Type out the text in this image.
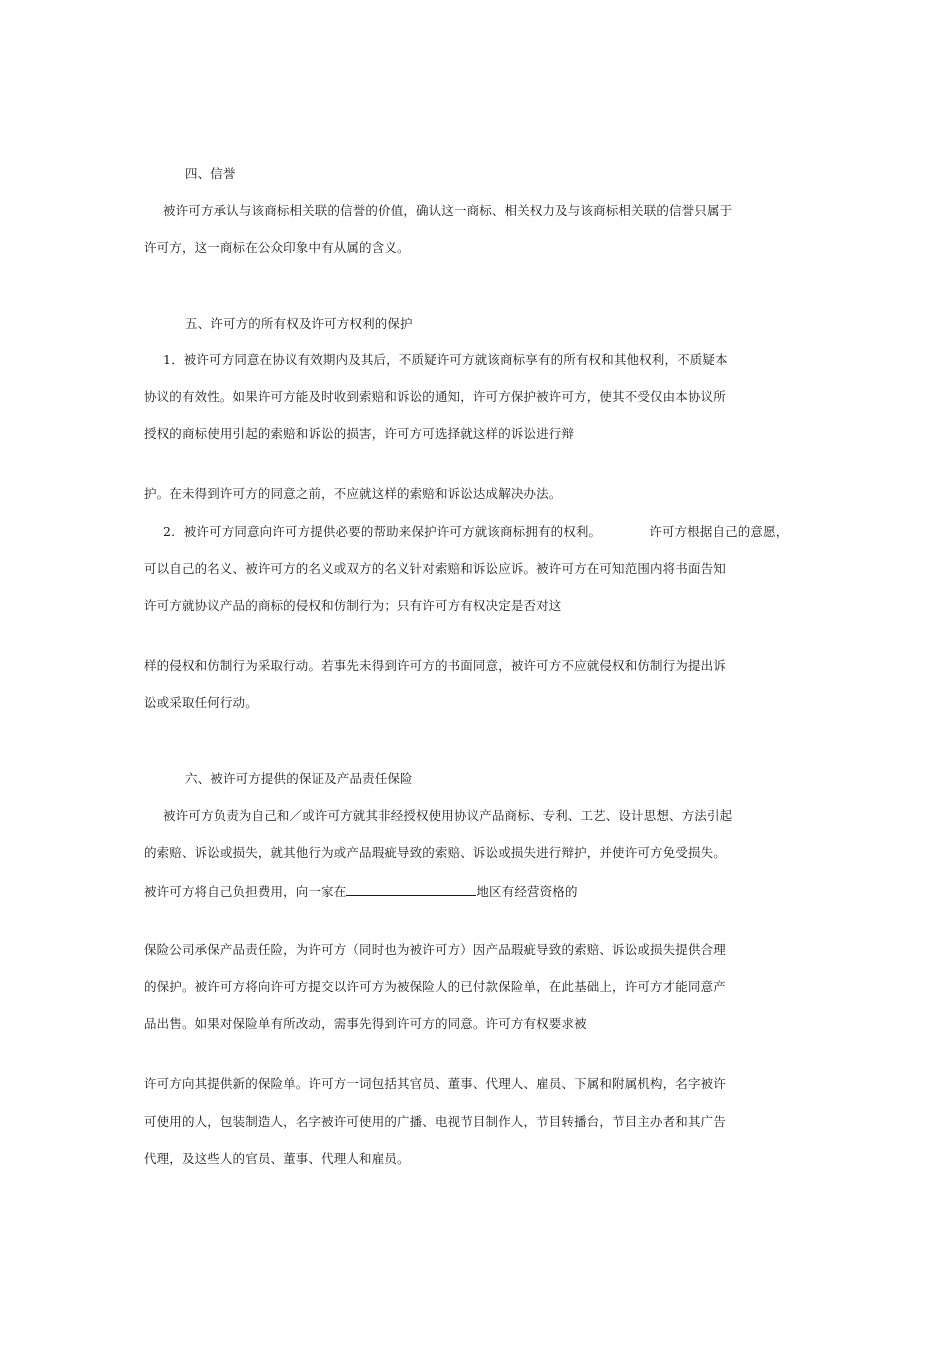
四、信誉
被许可方承认与该商标相关联的信誉的价值，确认这一商标、相关权力及与该商标相关联的信誉只属于
许可方，这一商标在公众印象中有从属的含义。
五、许可方的所有权及许可方权利的保护
1．被许可方同意在协议有效期内及其后，不质疑许可方就该商标享有的所有权和其他权利，不质疑本
协议的有效性。如果许可方能及时收到索赔和诉讼的通知，许可方保护被许可方，使其不受仅由本协议所
授权的商标使用引起的索赔和诉讼的损害，许可方可选择就这样的诉讼进行辩
护。在未得到许可方的同意之前，不应就这样的索赔和诉讼达成解决办法。
2．被许可方同意向许可方提供必要的帮助来保护许可方就该商标拥有的权利。	许可方根据自己的意愿，
可以自己的名义、被许可方的名义或双方的名义针对索赔和诉讼应诉。被许可方在可知范围内将书面告知
许可方就协议产品的商标的侵权和仿制行为；只有许可方有权决定是否对这
样的侵权和仿制行为采取行动。若事先未得到许可方的书面同意，被许可方不应就侵权和仿制行为提出诉
讼或采取任何行动。
六、被许可方提供的保证及产品责任保险
被许可方负责为自己和／或许可方就其非经授权使用协议产品商标、专利、工艺、设计思想、方法引起
的索赔、诉讼或损失，就其他行为或产品瑕疵导致的索赔、诉讼或损失进行辩护，并使许可方免受损失。
被许可方将自己负担费用，向一家在	地区有经营资格的
保险公司承保产品责任险，为许可方（同时也为被许可方）因产品瑕疵导致的索赔、诉讼或损失提供合理
的保护。被许可方将向许可方提交以许可方为被保险人的已付款保险单，在此基础上，许可方才能同意产
品出售。如果对保险单有所改动，需事先得到许可方的同意。许可方有权要求被
许可方向其提供新的保险单。许可方一词包括其官员、董事、代理人、雇员、下属和附属机构，名字被许
可使用的人，包装制造人，名字被许可使用的广播、电视节目制作人，节目转播台，节目主办者和其广告
代理，及这些人的官员、董事、代理人和雇员。
